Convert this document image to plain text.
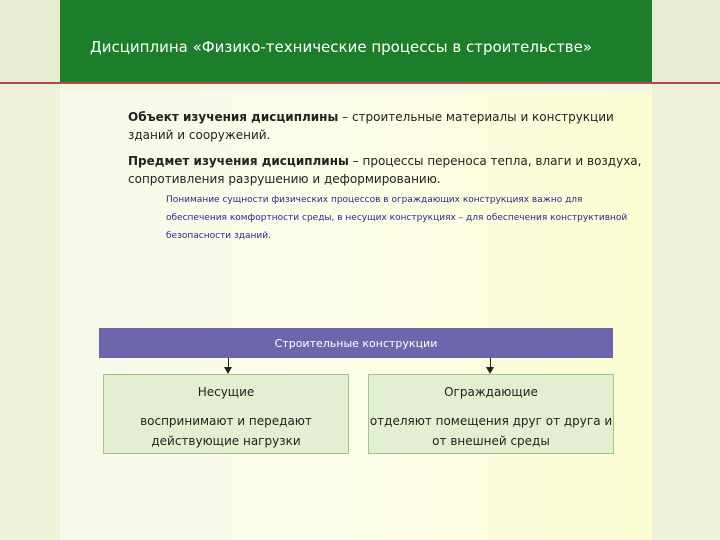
Дисциплина «Физико-технические процессы в строительстве»
Объект изучения дисциплины – строительные материалы и конструкции зданий и сооружений.
Предмет изучения дисциплины – процессы переноса тепла, влаги и воздуха, сопротивления разрушению и деформированию.
Понимание сущности физических процессов в ограждающих конструкциях важно для обеспечения комфортности среды, в несущих конструкциях – для обеспечения конструктивной безопасности зданий.
Строительные конструкции
Несущие
воспринимают и передают
действующие нагрузки
Ограждающие
отделяют помещения друг от друга и
от внешней среды
